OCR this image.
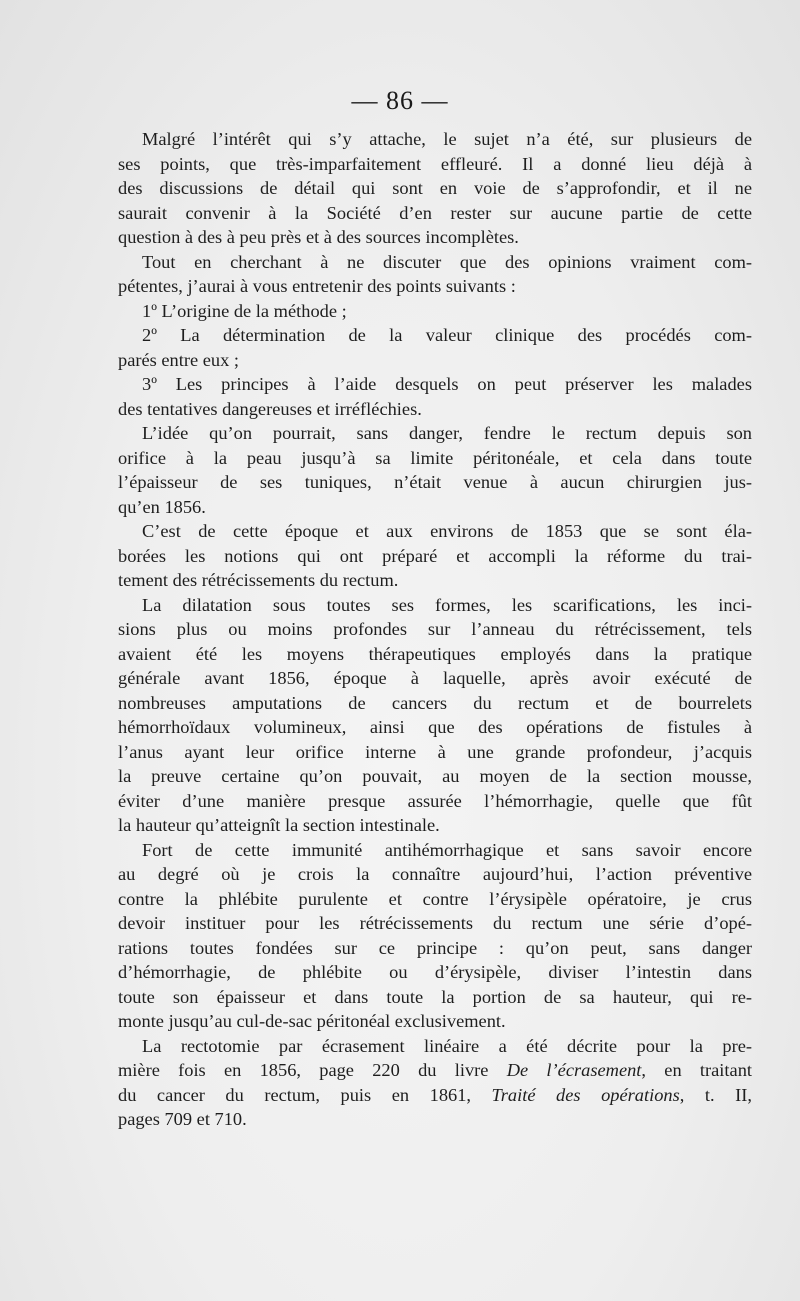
— 86 —
Malgré l’intérêt qui s’y attache, le sujet n’a été, sur plusieurs de
ses points, que très-imparfaitement effleuré. Il a donné lieu déjà à
des discussions de détail qui sont en voie de s’approfondir, et il ne
saurait convenir à la Société d’en rester sur aucune partie de cette
question à des à peu près et à des sources incomplètes.
Tout en cherchant à ne discuter que des opinions vraiment com-
pétentes, j’aurai à vous entretenir des points suivants :
1º L’origine de la méthode ;
2º La détermination de la valeur clinique des procédés com-
parés entre eux ;
3º Les principes à l’aide desquels on peut préserver les malades
des tentatives dangereuses et irréfléchies.
L’idée qu’on pourrait, sans danger, fendre le rectum depuis son
orifice à la peau jusqu’à sa limite péritonéale, et cela dans toute
l’épaisseur de ses tuniques, n’était venue à aucun chirurgien jus-
qu’en 1856.
C’est de cette époque et aux environs de 1853 que se sont éla-
borées les notions qui ont préparé et accompli la réforme du trai-
tement des rétrécissements du rectum.
La dilatation sous toutes ses formes, les scarifications, les inci-
sions plus ou moins profondes sur l’anneau du rétrécissement, tels
avaient été les moyens thérapeutiques employés dans la pratique
générale avant 1856, époque à laquelle, après avoir exécuté de
nombreuses amputations de cancers du rectum et de bourrelets
hémorrhoïdaux volumineux, ainsi que des opérations de fistules à
l’anus ayant leur orifice interne à une grande profondeur, j’acquis
la preuve certaine qu’on pouvait, au moyen de la section mousse,
éviter d’une manière presque assurée l’hémorrhagie, quelle que fût
la hauteur qu’atteignît la section intestinale.
Fort de cette immunité antihémorrhagique et sans savoir encore
au degré où je crois la connaître aujourd’hui, l’action préventive
contre la phlébite purulente et contre l’érysipèle opératoire, je crus
devoir instituer pour les rétrécissements du rectum une série d’opé-
rations toutes fondées sur ce principe : qu’on peut, sans danger
d’hémorrhagie, de phlébite ou d’érysipèle, diviser l’intestin dans
toute son épaisseur et dans toute la portion de sa hauteur, qui re-
monte jusqu’au cul-de-sac péritonéal exclusivement.
La rectotomie par écrasement linéaire a été décrite pour la pre-
mière fois en 1856, page 220 du livre De l’écrasement, en traitant
du cancer du rectum, puis en 1861, Traité des opérations, t. II,
pages 709 et 710.
